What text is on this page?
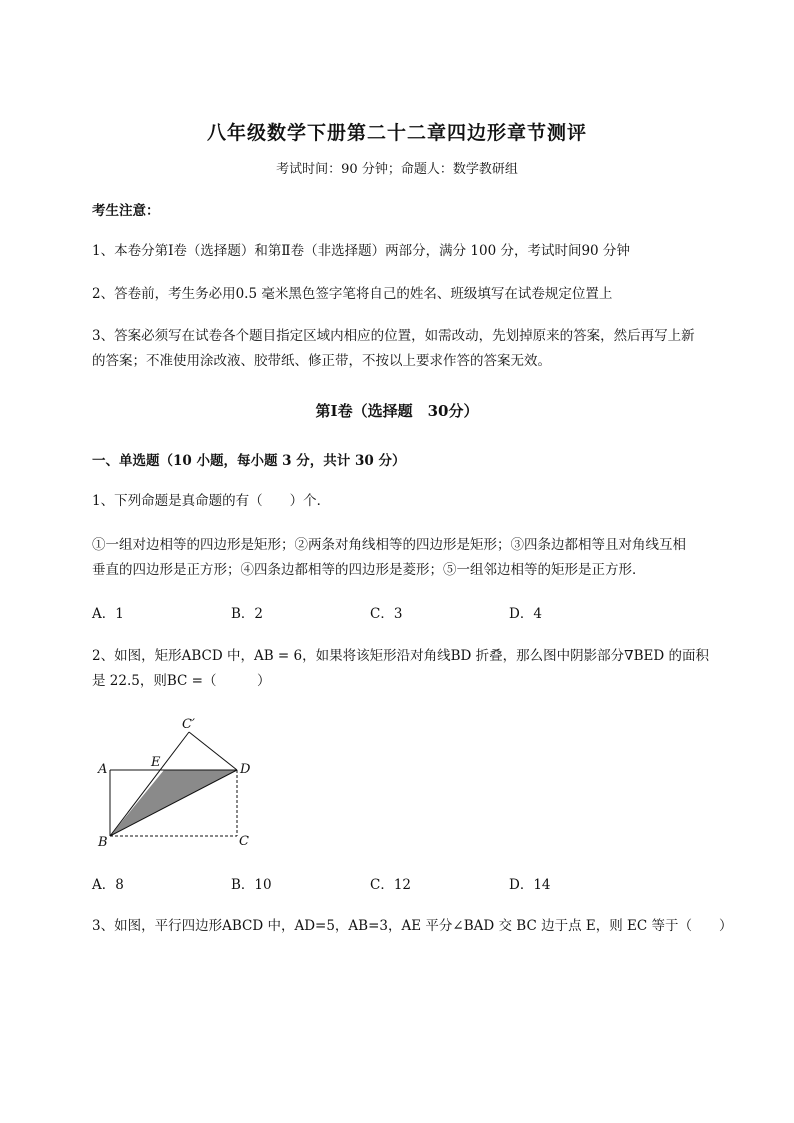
八年级数学下册第二十二章四边形章节测评
考试时间：90 分钟；命题人：数学教研组
考生注意：
1、本卷分第Ⅰ卷（选择题）和第Ⅱ卷（非选择题）两部分，满分 100 分，考试时间90 分钟
2、答卷前，考生务必用0.5 毫米黑色签字笔将自己的姓名、班级填写在试卷规定位置上
3、答案必须写在试卷各个题目指定区域内相应的位置，如需改动，先划掉原来的答案，然后再写上新
的答案；不准使用涂改液、胶带纸、修正带，不按以上要求作答的答案无效。
第Ⅰ卷（选择题　30分）
一、单选题（10 小题，每小题 3 分，共计 30 分）
1、下列命题是真命题的有（　　）个．
①一组对边相等的四边形是矩形；②两条对角线相等的四边形是矩形；③四条边都相等且对角线互相
垂直的四边形是正方形；④四条边都相等的四边形是菱形；⑤一组邻边相等的矩形是正方形．
A．1	B．2	C．3	D．4
2、如图，矩形ABCD 中，AB = 6，如果将该矩形沿对角线BD 折叠，那么图中阴影部分∇BED 的面积
是 22.5，则BC =（　　　）
A
B	C
D
E
C′
A．8	B．10	C．12	D．14
3、如图，平行四边形ABCD 中，AD=5，AB=3，AE 平分∠BAD 交 BC 边于点 E，则 EC 等于（　　）
